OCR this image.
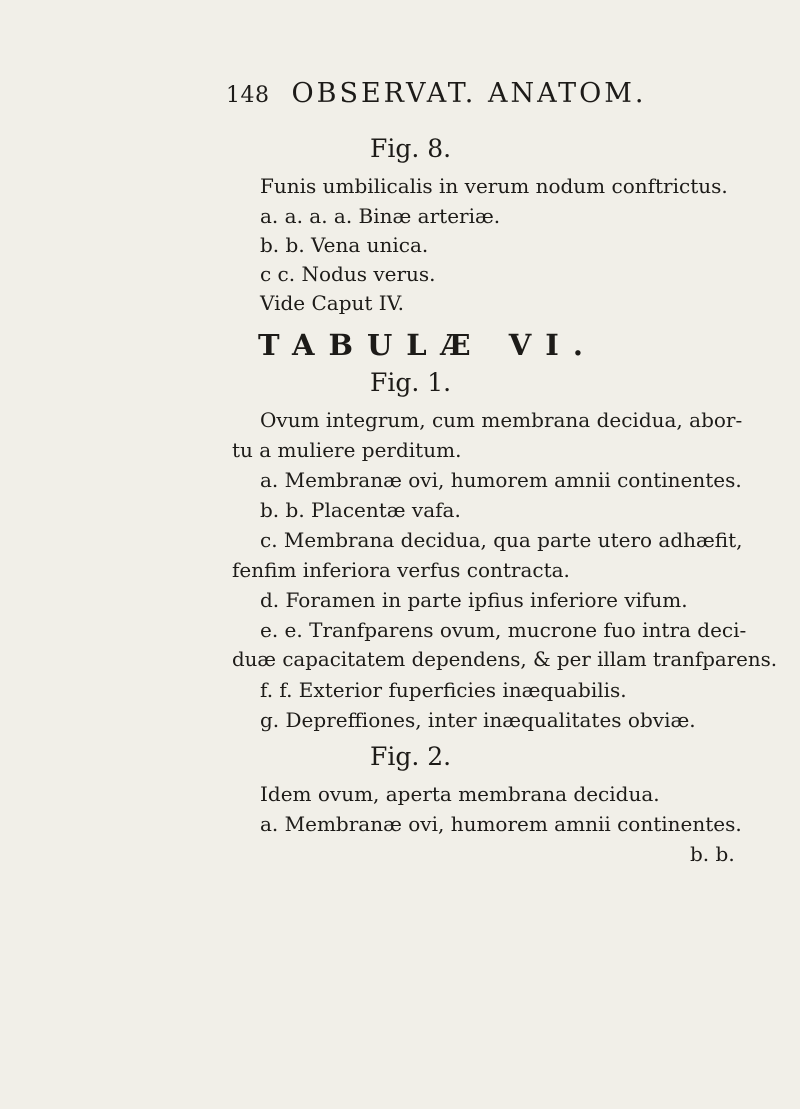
148 OBSERVAT. ANATOM.
Fig. 8.
Funis umbilicalis in verum nodum conftrictus.
a. a. a. a. Binæ arteriæ.
b. b. Vena unica.
c c. Nodus verus.
Vide Caput IV.
TABULÆ VI.
Fig. 1.
Ovum integrum, cum membrana decidua, abor-
tu a muliere perditum.
a. Membranæ ovi, humorem amnii continentes.
b. b. Placentæ vafa.
c. Membrana decidua, qua parte utero adhæfit,
fenfim inferiora verfus contracta.
d. Foramen in parte ipfius inferiore vifum.
e. e. Tranfparens ovum, mucrone fuo intra deci-
duæ capacitatem dependens, & per illam tranfparens.
f. f. Exterior fuperficies inæquabilis.
g. Depreffiones, inter inæqualitates obviæ.
Fig. 2.
Idem ovum, aperta membrana decidua.
a. Membranæ ovi, humorem amnii continentes.
b. b.
